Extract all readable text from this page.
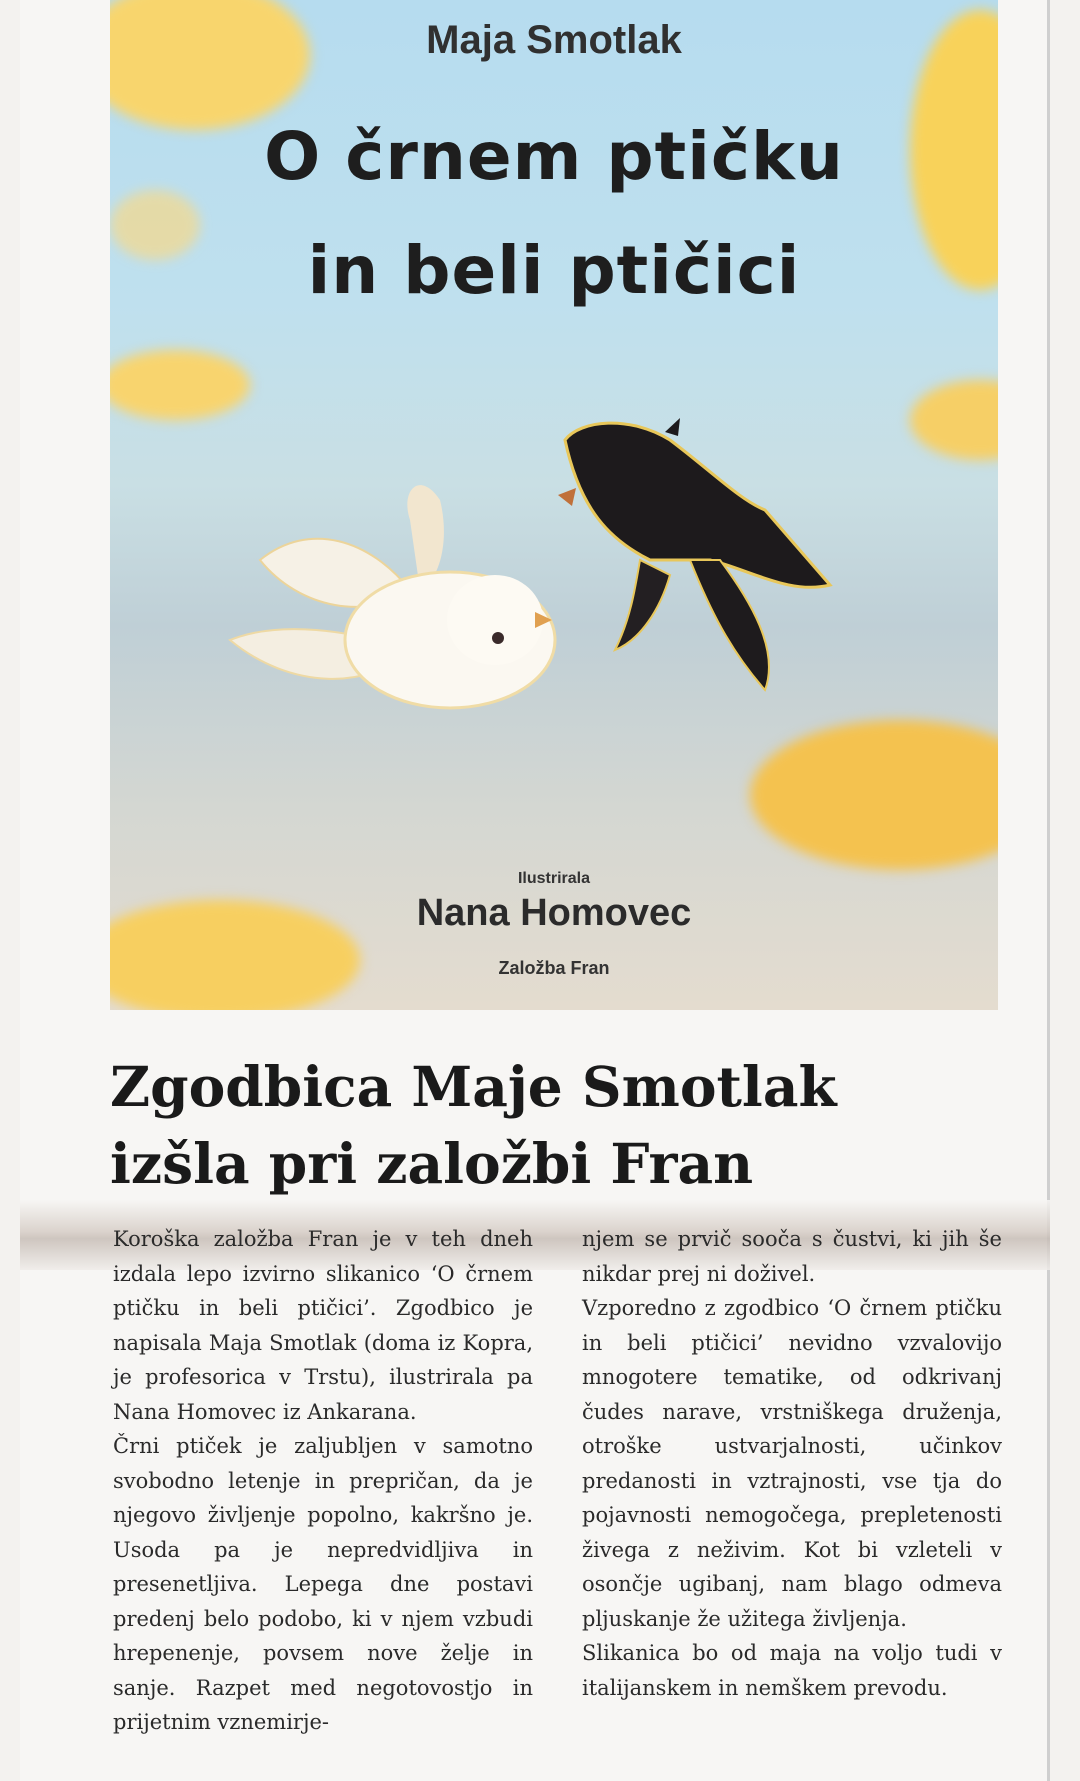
Maja Smotlak
O črnem ptičku
in beli ptičici
Ilustrirala
Nana Homovec
Založba Fran
Zgodbica Maje Smotlak
izšla pri založbi Fran

Koroška založba Fran je v teh dneh izdala lepo izvirno slikanico ‘O črnem ptičku in beli ptičici’. Zgodbico je napisala Maja Smotlak (doma iz Kopra, je profesorica v Trstu), ilustrirala pa Nana Homovec iz Ankarana.

Črni ptiček je zaljubljen v samotno svobodno letenje in prepričan, da je njegovo življenje popolno, kakršno je. Usoda pa je nepredvidljiva in presenetljiva. Lepega dne postavi predenj belo podobo, ki v njem vzbudi hrepenenje, povsem nove želje in sanje. Razpet med negotovostjo in prijetnim vznemirje-

njem se prvič sooča s čustvi, ki jih še nikdar prej ni doživel.

Vzporedno z zgodbico ‘O črnem ptičku in beli ptičici’ nevidno vzvalovijo mnogotere tematike, od odkrivanj čudes narave, vrstniškega druženja, otroške ustvarjalnosti, učinkov predanosti in vztrajnosti, vse tja do pojavnosti nemogočega, prepletenosti živega z neživim. Kot bi vzleteli v osončje ugibanj, nam blago odmeva pljuskanje že užitega življenja.

Slikanica bo od maja na voljo tudi v italijanskem in nemškem prevodu.
